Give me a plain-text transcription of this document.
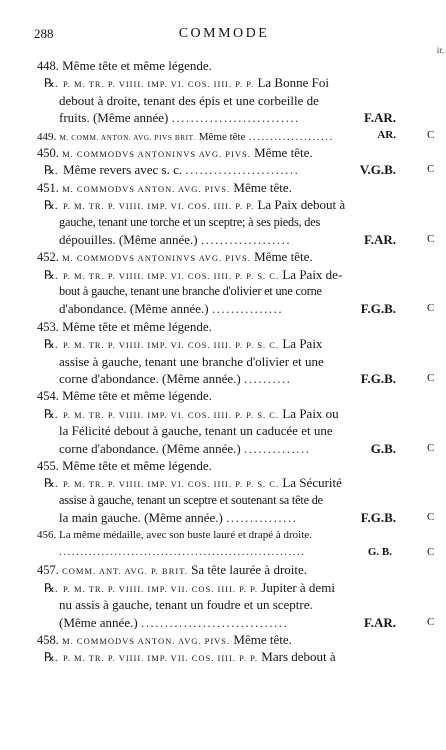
288	COMMODE
ir.
448. Même tête et même légende.
℞. P. M. TR. P. VIIII. IMP. VI. COS. IIII. P. P. La Bonne Foi
debout à droite, tenant des épis et une corbeille de
fruits. (Même année) ...........................	F.AR.
449. M. COMM. ANTON. AVG. PIVS BRIT. Même tête ....................	AR.	C
450. M. COMMODVS ANTONINVS AVG. PIVS. Même tête.
℞. Même revers avec s. c. ........................	V.G.B.	C
451. M. COMMODVS ANTON. AVG. PIVS. Même tête.
℞. P. M. TR. P. VIIII. IMP. VI. COS. IIII. P. P. La Paix debout à
gauche, tenant une torche et un sceptre; à ses pieds, des
dépouilles. (Même année.) ...................	F.AR.	C
452. M. COMMODVS ANTONINVS AVG. PIVS. Même tête.
℞. P. M. TR. P. VIIII. IMP. VI. COS. IIII. P. P. S. C. La Paix de-
bout à gauche, tenant une branche d'olivier et une corne
d'abondance. (Même année.) ...............	F.G.B.	C
453. Même tête et même légende.
℞. P. M. TR. P. VIIII. IMP. VI. COS. IIII. P. P. S. C. La Paix
assise à gauche, tenant une branche d'olivier et une
corne d'abondance. (Même année.) ..........	F.G.B.	C
454. Même tête et même légende.
℞. P. M. TR. P. VIIII. IMP. VI. COS. IIII. P. P. S. C. La Paix ou
la Félicité debout à gauche, tenant un caducée et une
corne d'abondance. (Même année.) ..............	G.B.	C
455. Même tête et même légende.
℞. P. M. TR. P. VIIII. IMP. VI. COS. IIII. P. P. S. C. La Sécurité
assise à gauche, tenant un sceptre et soutenant sa tête de
la main gauche. (Même année.) ...............	F.G.B.	C
456. La même médaille, avec son buste lauré et drapé à droite.
..........................................................	G. B.	C
457. COMM. ANT. AVG. P. BRIT. Sa tête laurée à droite.
℞. P. M. TR. P. VIIII. IMP. VII. COS. IIII. P. P. Jupiter à demi
nu assis à gauche, tenant un foudre et un sceptre.
(Même année.) ...............................	F.AR.	C
458. M. COMMODVS ANTON. AVG. PIVS. Même tête.
℞. P. M. TR. P. VIIII. IMP. VII. COS. IIII. P. P. Mars debout à
